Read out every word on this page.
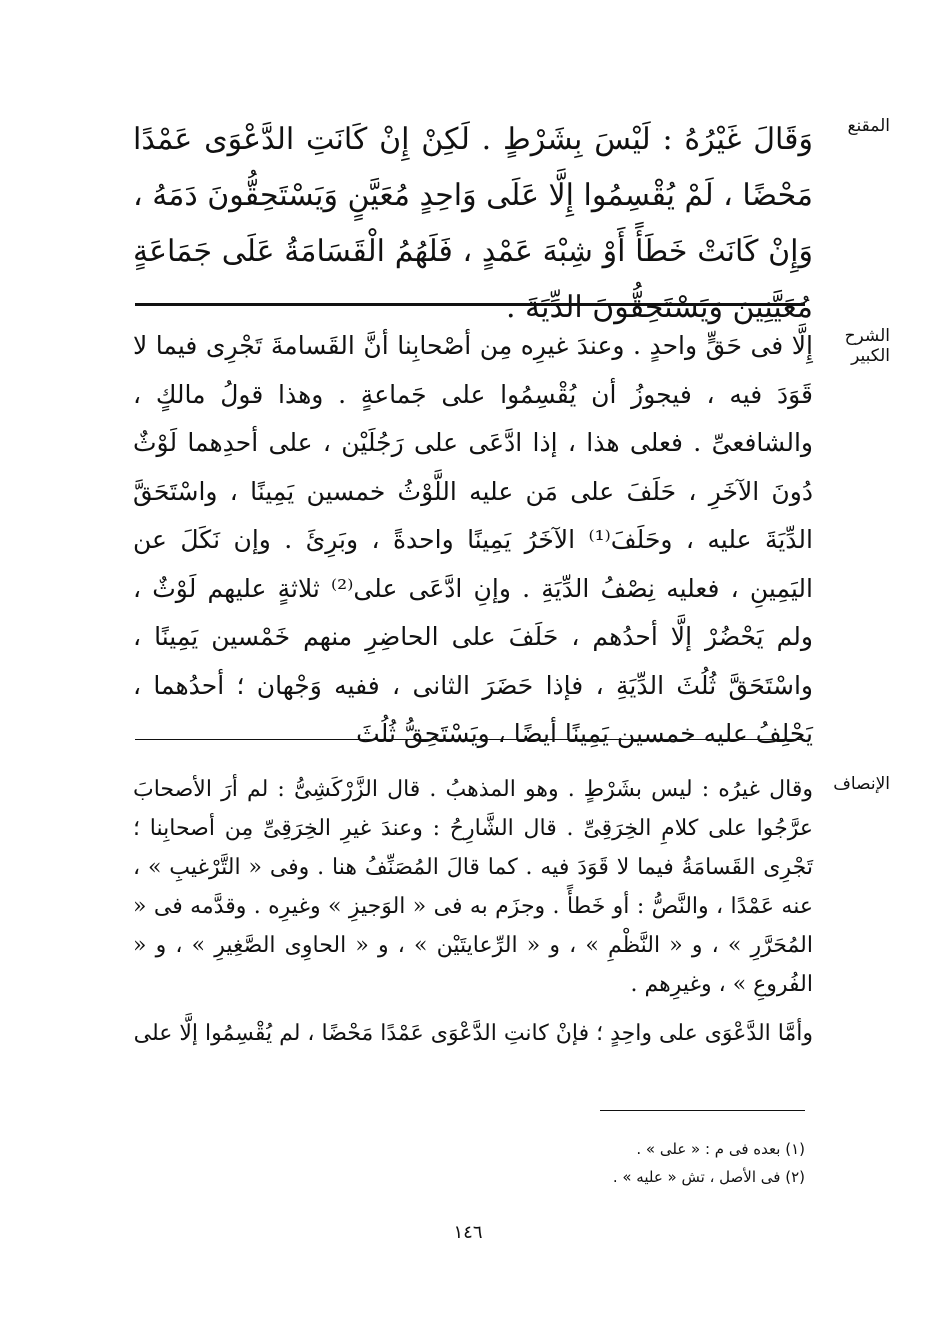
المقنع

وَقَالَ غَيْرُهُ : لَيْسَ بِشَرْطٍ . لَكِنْ إِنْ كَانَتِ الدَّعْوَى عَمْدًا مَحْضًا ، لَمْ يُقْسِمُوا إِلَّا عَلَى وَاحِدٍ مُعَيَّنٍ وَيَسْتَحِقُّونَ دَمَهُ ، وَإِنْ كَانَتْ خَطَأً أَوْ شِبْهَ عَمْدٍ ، فَلَهُمُ الْقَسَامَةُ عَلَى جَمَاعَةٍ مُعَيَّنِينَ وَيَسْتَحِقُّونَ الدِّيَةَ .

الشرح الكبير

إِلَّا فى حَقٍّ واحدٍ . وعندَ غيرِه مِن أصْحابِنا أنَّ القَسامةَ تَجْرِى فيما لا قَوَدَ فيه ، فيجوزُ أن يُقْسِمُوا على جَماعةٍ . وهذا قولُ مالكٍ ، والشافعىِّ . فعلى هذا ، إذا ادَّعَى على رَجُلَيْن ، على أحدِهما لَوْثٌ دُونَ الآخَرِ ، حَلَفَ على مَن عليه اللَّوْثُ خمسين يَمِينًا ، واسْتَحَقَّ الدِّيَةَ عليه ، وحَلَفَ⁽¹⁾ الآخَرُ يَمِينًا واحدةً ، وبَرِئَ . وإن نَكَلَ عن اليَمِينِ ، فعليه نِصْفُ الدِّيَةِ . وإنِ ادَّعَى على⁽²⁾ ثلاثةٍ عليهم لَوْثٌ ، ولم يَحْضُرْ إلَّا أحدُهم ، حَلَفَ على الحاضِرِ منهم خَمْسين يَمِينًا ، واسْتَحَقَّ ثُلُثَ الدِّيَةِ ، فإذا حَضَرَ الثانى ، ففيه وَجْهان ؛ أحدُهما ، يَحْلِفُ عليه خمسين يَمِينًا أيضًا ، ويَسْتَحِقُّ ثُلُثَ

الإنصاف

وقال غيرُه : ليس بشَرْطٍ . وهو المذهبُ . قال الزَّرْكَشِىُّ : لم أرَ الأصحابَ عرَّجُوا على كلامِ الخِرَقِىِّ . قال الشَّارِحُ : وعندَ غيرِ الخِرَقِىِّ مِن أصحابِنا ؛ تَجْرِى القَسامَةُ فيما لا قَوَدَ فيه . كما قالَ المُصَنِّفُ هنا . وفى « التَّرْغيبِ » ، عنه عَمْدًا ، والنَّصُّ : أو خَطأً . وجزَم به فى « الوَجيزِ » وغيرِه . وقدَّمه فى « المُحَرَّرِ » ، و « النَّظْمِ » ، و « الرِّعايتَيْن » ، و « الحاوِى الصَّغِيرِ » ، و « الفُروعِ » ، وغيرِهم .

وأمَّا الدَّعْوَى على واحِدٍ ؛ فإنْ كانتِ الدَّعْوَى عَمْدًا مَحْضًا ، لم يُقْسِمُوا إلَّا على

(١) بعده فى م : « على » .

(٢) فى الأصل ، تش « عليه » .

١٤٦
